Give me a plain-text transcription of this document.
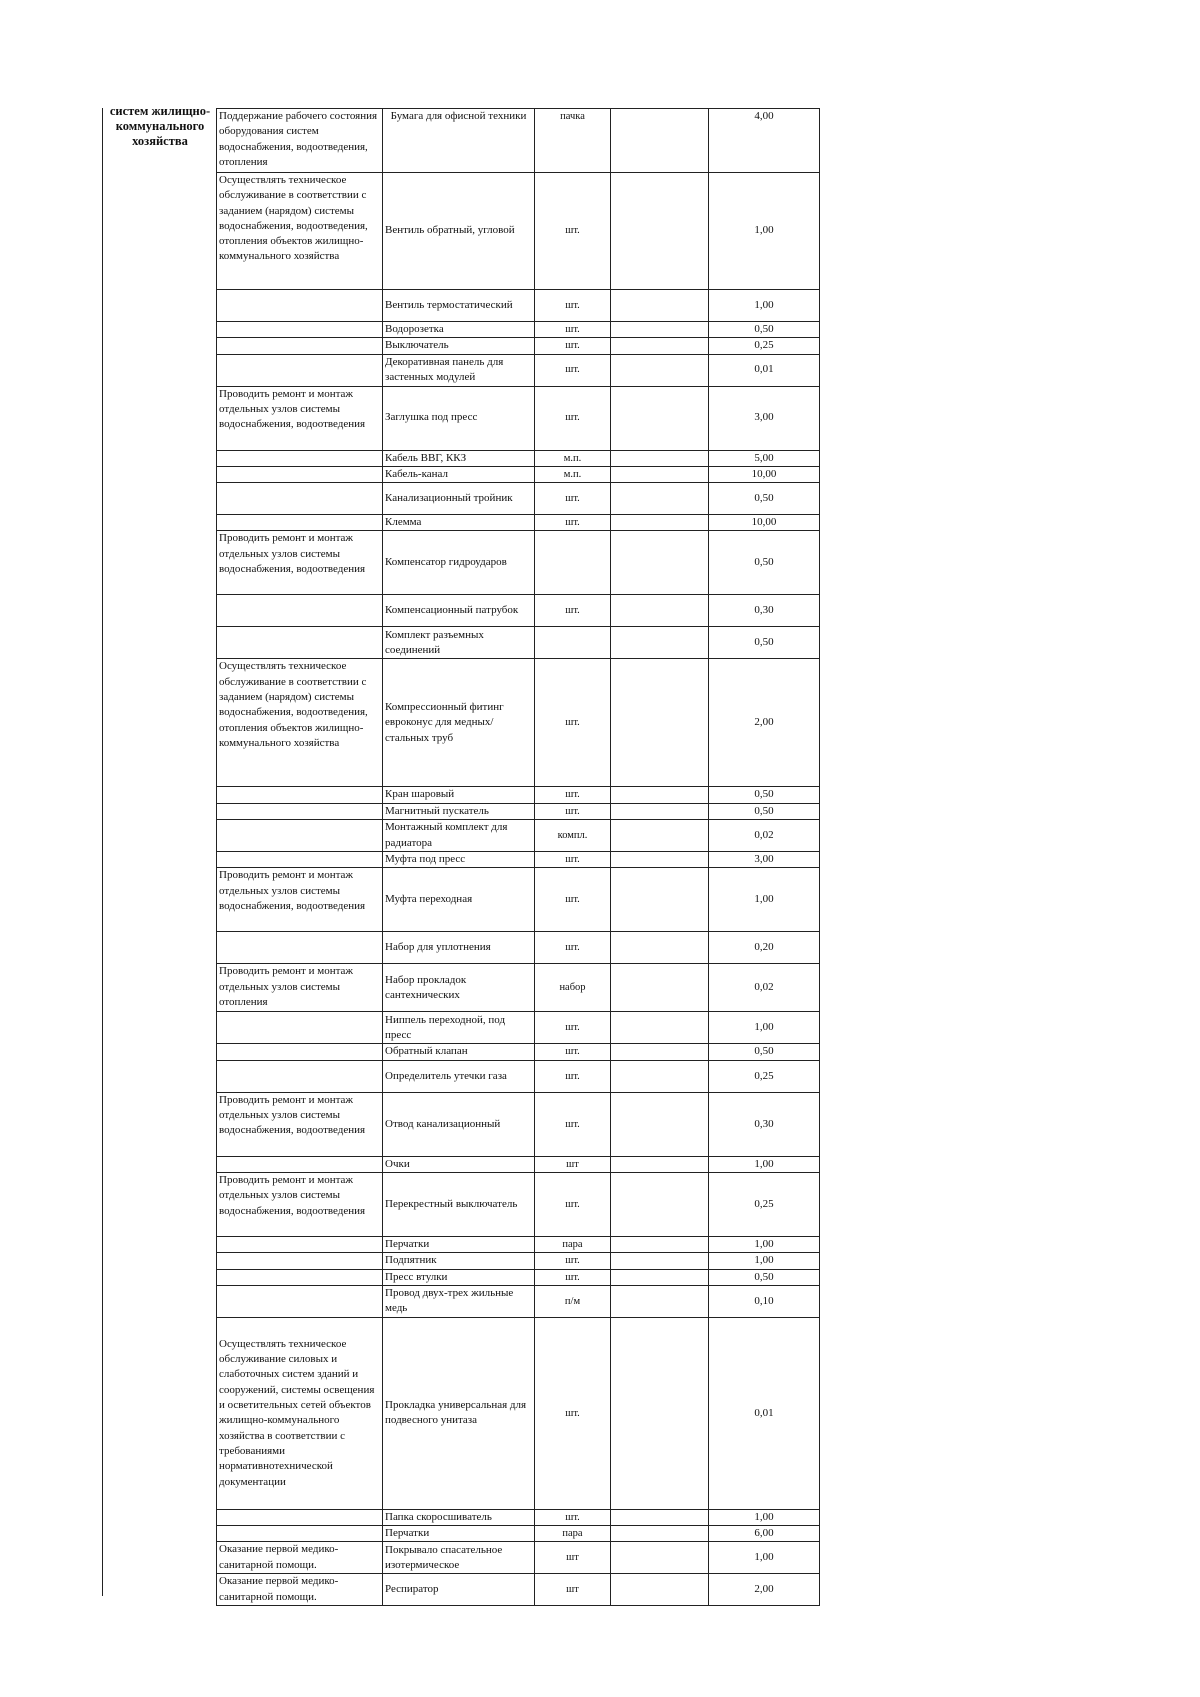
систем жилищно-коммунального хозяйства
Поддержание рабочего состояния оборудования систем водоснабжения, водоотведения, отопления	Бумага для офисной техники	пачка		4,00
Осуществлять техническое обслуживание в соответствии с заданием (нарядом) системы водоснабжения, водоотведения, отопления объектов жилищно-коммунального хозяйства	Вентиль обратный, угловой	шт.		1,00
	Вентиль термостатический	шт.		1,00
	Водорозетка	шт.		0,50
	Выключатель	шт.		0,25
	Декоративная панель для застенных модулей	шт.		0,01
Проводить ремонт и монтаж отдельных узлов системы водоснабжения, водоотведения	Заглушка под пресс	шт.		3,00
	Кабель ВВГ, ККЗ	м.п.		5,00
	Кабель-канал	м.п.		10,00
	Канализационный тройник	шт.		0,50
	Клемма	шт.		10,00
Проводить ремонт и монтаж отдельных узлов системы водоснабжения, водоотведения	Компенсатор гидроударов			0,50
	Компенсационный патрубок	шт.		0,30
	Комплект разъемных соединений			0,50
Осуществлять техническое обслуживание в соответствии с заданием (нарядом) системы водоснабжения, водоотведения, отопления объектов жилищно-коммунального хозяйства	Компрессионный фитинг евроконус для медных/стальных труб	шт.		2,00
	Кран шаровый	шт.		0,50
	Магнитный пускатель	шт.		0,50
	Монтажный комплект для радиатора	компл.		0,02
	Муфта под пресс	шт.		3,00
Проводить ремонт и монтаж отдельных узлов системы водоснабжения, водоотведения	Муфта переходная	шт.		1,00
	Набор для уплотнения	шт.		0,20
Проводить ремонт и монтаж отдельных узлов системы отопления	Набор прокладок сантехнических	набор		0,02
	Ниппель переходной, под пресс	шт.		1,00
	Обратный клапан	шт.		0,50
	Определитель утечки газа	шт.		0,25
Проводить ремонт и монтаж отдельных узлов системы водоснабжения, водоотведения	Отвод канализационный	шт.		0,30
	Очки	шт		1,00
Проводить ремонт и монтаж отдельных узлов системы водоснабжения, водоотведения	Перекрестный выключатель	шт.		0,25
	Перчатки	пара		1,00
	Подпятник	шт.		1,00
	Пресс втулки	шт.		0,50
	Провод двух-трех жильные медь	п/м		0,10
Осуществлять техническое обслуживание силовых и слаботочных систем зданий и сооружений, системы освещения и осветительных сетей объектов жилищно-коммунального хозяйства в соответствии с требованиями нормативнотехнической документации	Прокладка универсальная для подвесного унитаза	шт.		0,01
	Папка скоросшиватель	шт.		1,00
	Перчатки	пара		6,00
Оказание первой медико-санитарной помощи.	Покрывало спасательное изотермическое	шт		1,00
Оказание первой медико-санитарной помощи.	Респиратор	шт		2,00
